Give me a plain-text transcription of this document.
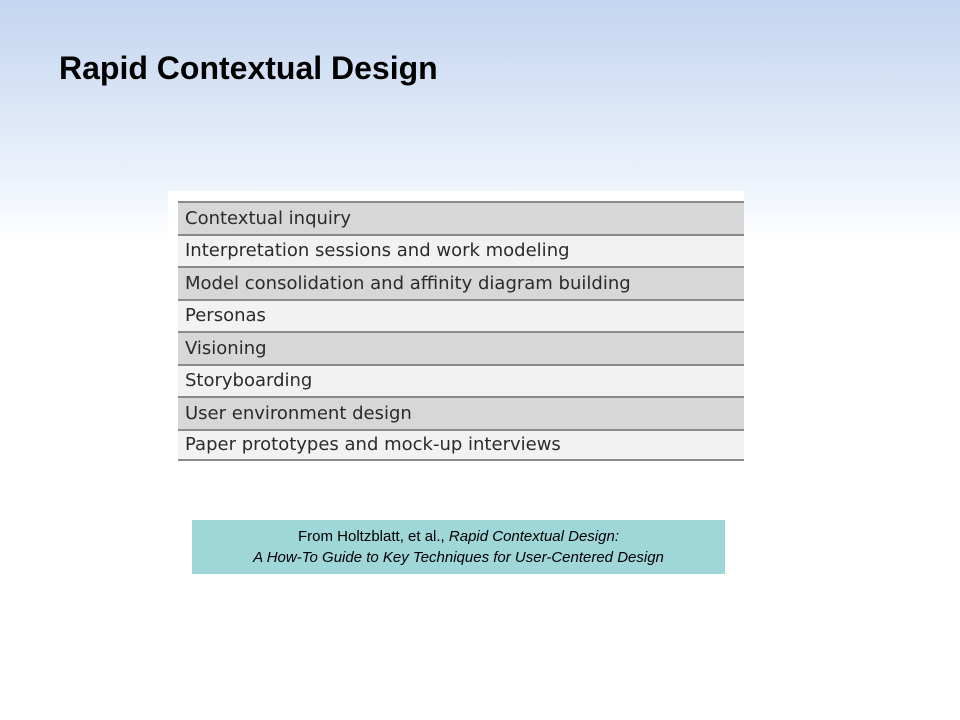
Rapid Contextual Design
Contextual inquiry
Interpretation sessions and work modeling
Model consolidation and affinity diagram building
Personas
Visioning
Storyboarding
User environment design
Paper prototypes and mock-up interviews
From Holtzblatt, et al., Rapid Contextual Design:
A How-To Guide to Key Techniques for User-Centered Design
